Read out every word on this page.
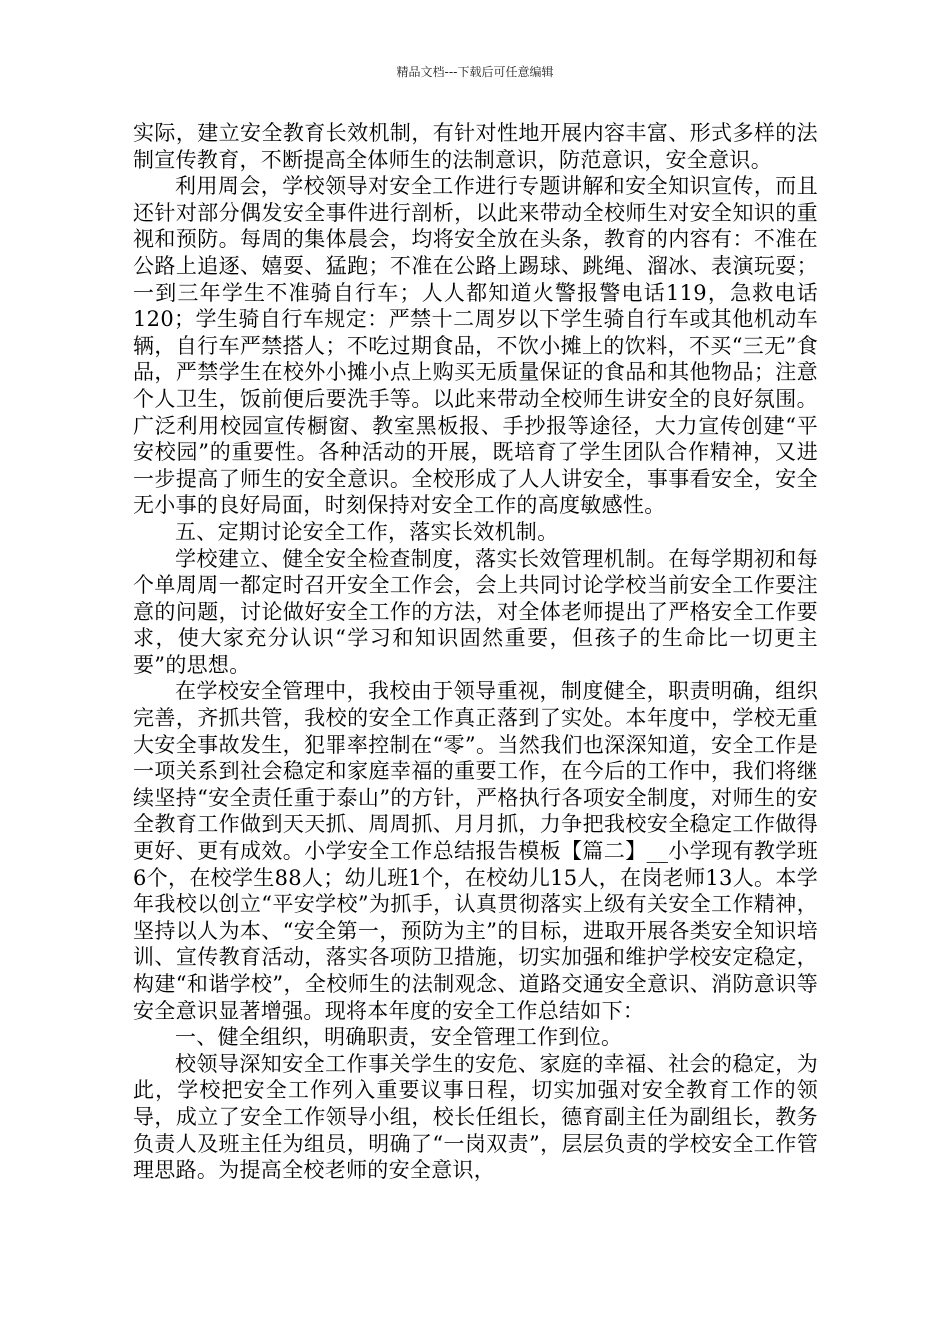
精品文档---下载后可任意编辑

实际，建立安全教育长效机制，有针对性地开展内容丰富、形式多样的法制宣传教育，不断提高全体师生的法制意识，防范意识，安全意识。

利用周会，学校领导对安全工作进行专题讲解和安全知识宣传，而且还针对部分偶发安全事件进行剖析，以此来带动全校师生对安全知识的重视和预防。每周的集体晨会，均将安全放在头条，教育的内容有：不准在公路上追逐、嬉耍、猛跑；不准在公路上踢球、跳绳、溜冰、表演玩耍；一到三年学生不准骑自行车；人人都知道火警报警电话119，急救电话120；学生骑自行车规定：严禁十二周岁以下学生骑自行车或其他机动车辆，自行车严禁搭人；不吃过期食品，不饮小摊上的饮料，不买“三无”食品，严禁学生在校外小摊小点上购买无质量保证的食品和其他物品；注意个人卫生，饭前便后要洗手等。以此来带动全校师生讲安全的良好氛围。广泛利用校园宣传橱窗、教室黑板报、手抄报等途径，大力宣传创建“平安校园”的重要性。各种活动的开展，既培育了学生团队合作精神，又进一步提高了师生的安全意识。全校形成了人人讲安全，事事看安全，安全无小事的良好局面，时刻保持对安全工作的高度敏感性。

五、定期讨论安全工作，落实长效机制。

学校建立、健全安全检查制度，落实长效管理机制。在每学期初和每个单周周一都定时召开安全工作会，会上共同讨论学校当前安全工作要注意的问题，讨论做好安全工作的方法，对全体老师提出了严格安全工作要求，使大家充分认识“学习和知识固然重要，但孩子的生命比一切更主要”的思想。

在学校安全管理中，我校由于领导重视，制度健全，职责明确，组织完善，齐抓共管，我校的安全工作真正落到了实处。本年度中，学校无重大安全事故发生，犯罪率控制在“零”。当然我们也深深知道，安全工作是一项关系到社会稳定和家庭幸福的重要工作，在今后的工作中，我们将继续坚持“安全责任重于泰山”的方针，严格执行各项安全制度，对师生的安全教育工作做到天天抓、周周抓、月月抓，力争把我校安全稳定工作做得更好、更有成效。小学安全工作总结报告模板【篇二】__小学现有教学班6个，在校学生88人；幼儿班1个，在校幼儿15人，在岗老师13人。本学年我校以创立“平安学校”为抓手，认真贯彻落实上级有关安全工作精神，坚持以人为本、“安全第一，预防为主”的目标，进取开展各类安全知识培训、宣传教育活动，落实各项防卫措施，切实加强和维护学校安定稳定，构建“和谐学校”，全校师生的法制观念、道路交通安全意识、消防意识等安全意识显著增强。现将本年度的安全工作总结如下：

一、健全组织，明确职责，安全管理工作到位。

校领导深知安全工作事关学生的安危、家庭的幸福、社会的稳定，为此，学校把安全工作列入重要议事日程，切实加强对安全教育工作的领导，成立了安全工作领导小组，校长任组长，德育副主任为副组长，教务负责人及班主任为组员，明确了“一岗双责”，层层负责的学校安全工作管理思路。为提高全校老师的安全意识，
